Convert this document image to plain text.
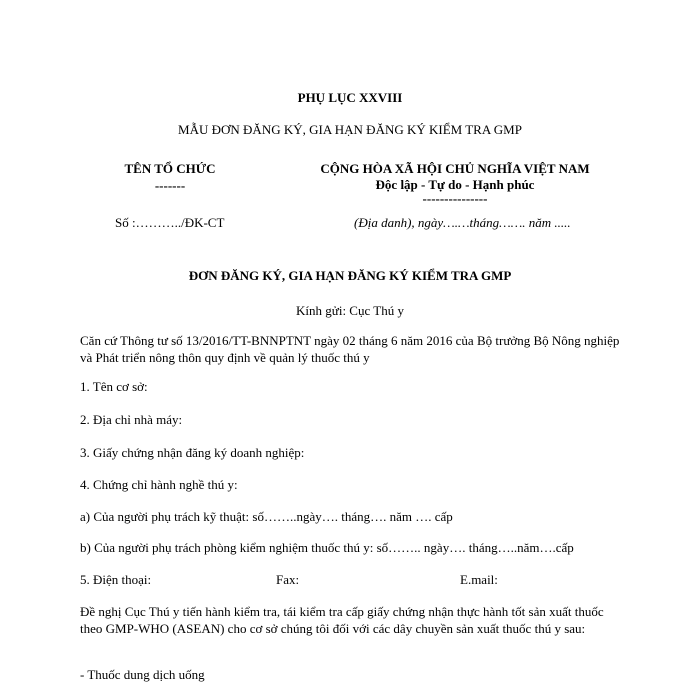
PHỤ LỤC XXVIII
MẪU ĐƠN ĐĂNG KÝ, GIA HẠN ĐĂNG KÝ KIỂM TRA GMP
TÊN TỔ CHỨC
-------
CỘNG HÒA XÃ HỘI CHỦ NGHĨA VIỆT NAM
Độc lập - Tự do - Hạnh phúc
---------------
Số :………../ĐK-CT	(Địa danh), ngày….…tháng……. năm .....
ĐƠN ĐĂNG KÝ, GIA HẠN ĐĂNG KÝ KIỂM TRA GMP
Kính gửi: Cục Thú y
Căn cứ Thông tư số 13/2016/TT-BNNPTNT ngày 02 tháng 6 năm 2016 của Bộ trưởng Bộ Nông nghiệp và Phát triển nông thôn quy định về quản lý thuốc thú y
1. Tên cơ sở:
2. Địa chỉ nhà máy:
3. Giấy chứng nhận đăng ký doanh nghiệp:
4. Chứng chỉ hành nghề thú y:
a) Của người phụ trách kỹ thuật: số……..ngày…. tháng…. năm …. cấp
b) Của người phụ trách phòng kiểm nghiệm thuốc thú y: số…….. ngày…. tháng…..năm….cấp
5. Điện thoại:	Fax:	E.mail:
Đề nghị Cục Thú y tiến hành kiểm tra, tái kiểm tra cấp giấy chứng nhận thực hành tốt sản xuất thuốc theo GMP-WHO (ASEAN) cho cơ sở chúng tôi đối với các dây chuyền sản xuất thuốc thú y sau:
- Thuốc dung dịch uống
